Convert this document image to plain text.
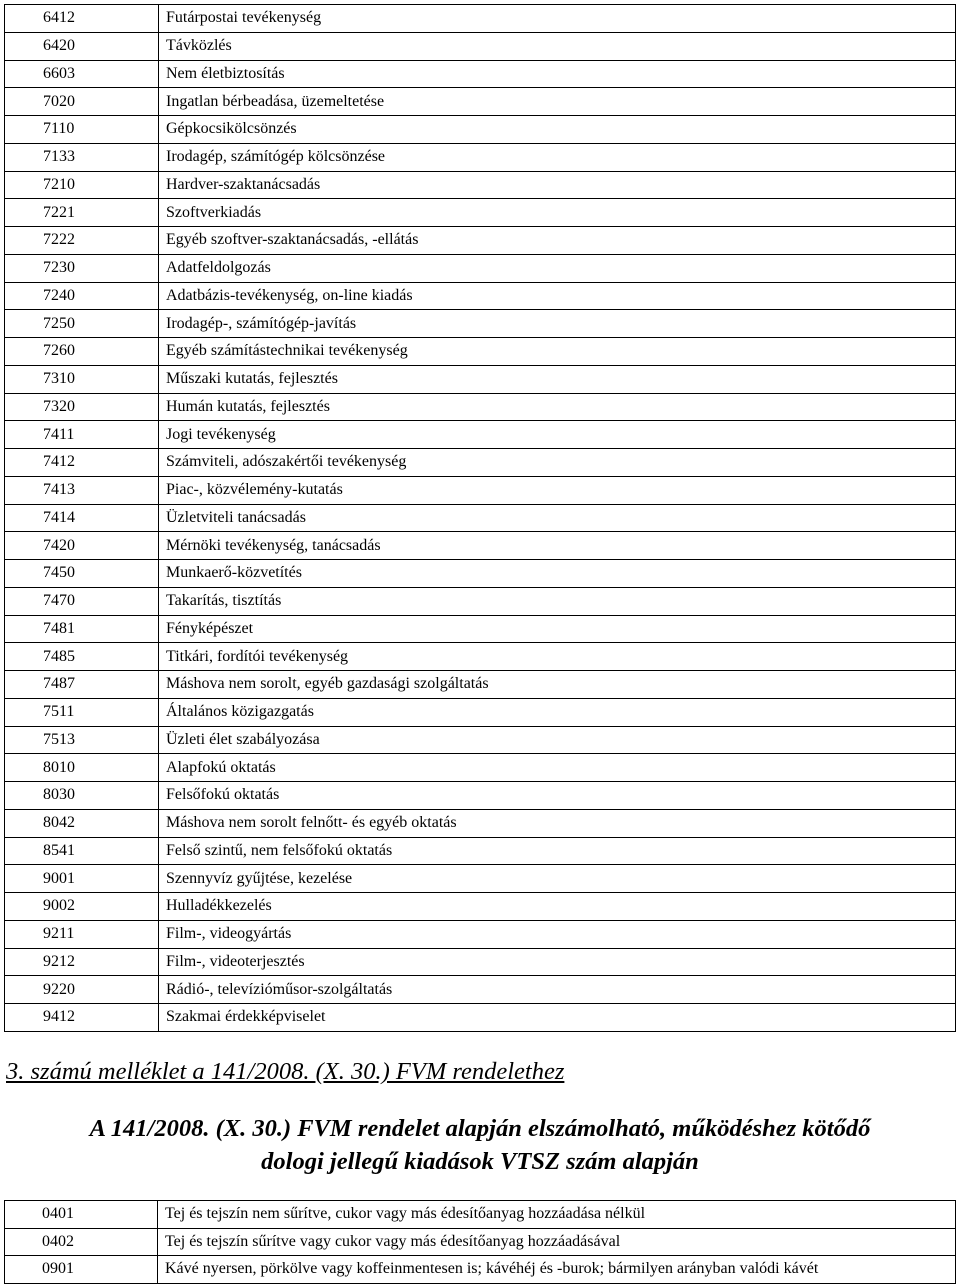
6412	Futárpostai tevékenység
6420	Távközlés
6603	Nem életbiztosítás
7020	Ingatlan bérbeadása, üzemeltetése
7110	Gépkocsikölcsönzés
7133	Irodagép, számítógép kölcsönzése
7210	Hardver-szaktanácsadás
7221	Szoftverkiadás
7222	Egyéb szoftver-szaktanácsadás, -ellátás
7230	Adatfeldolgozás
7240	Adatbázis-tevékenység, on-line kiadás
7250	Irodagép-, számítógép-javítás
7260	Egyéb számítástechnikai tevékenység
7310	Műszaki kutatás, fejlesztés
7320	Humán kutatás, fejlesztés
7411	Jogi tevékenység
7412	Számviteli, adószakértői tevékenység
7413	Piac-, közvélemény-kutatás
7414	Üzletviteli tanácsadás
7420	Mérnöki tevékenység, tanácsadás
7450	Munkaerő-közvetítés
7470	Takarítás, tisztítás
7481	Fényképészet
7485	Titkári, fordítói tevékenység
7487	Máshova nem sorolt, egyéb gazdasági szolgáltatás
7511	Általános közigazgatás
7513	Üzleti élet szabályozása
8010	Alapfokú oktatás
8030	Felsőfokú oktatás
8042	Máshova nem sorolt felnőtt- és egyéb oktatás
8541	Felső szintű, nem felsőfokú oktatás
9001	Szennyvíz gyűjtése, kezelése
9002	Hulladékkezelés
9211	Film-, videogyártás
9212	Film-, videoterjesztés
9220	Rádió-, televízióműsor-szolgáltatás
9412	Szakmai érdekképviselet
3. számú melléklet a 141/2008. (X. 30.) FVM rendelethez
A 141/2008. (X. 30.) FVM rendelet alapján elszámolható, működéshez kötődő
dologi jellegű kiadások VTSZ szám alapján
0401	Tej és tejszín nem sűrítve, cukor vagy más édesítőanyag hozzáadása nélkül
0402	Tej és tejszín sűrítve vagy cukor vagy más édesítőanyag hozzáadásával
0901	Kávé nyersen, pörkölve vagy koffeinmentesen is; kávéhéj és -burok; bármilyen arányban valódi kávét
